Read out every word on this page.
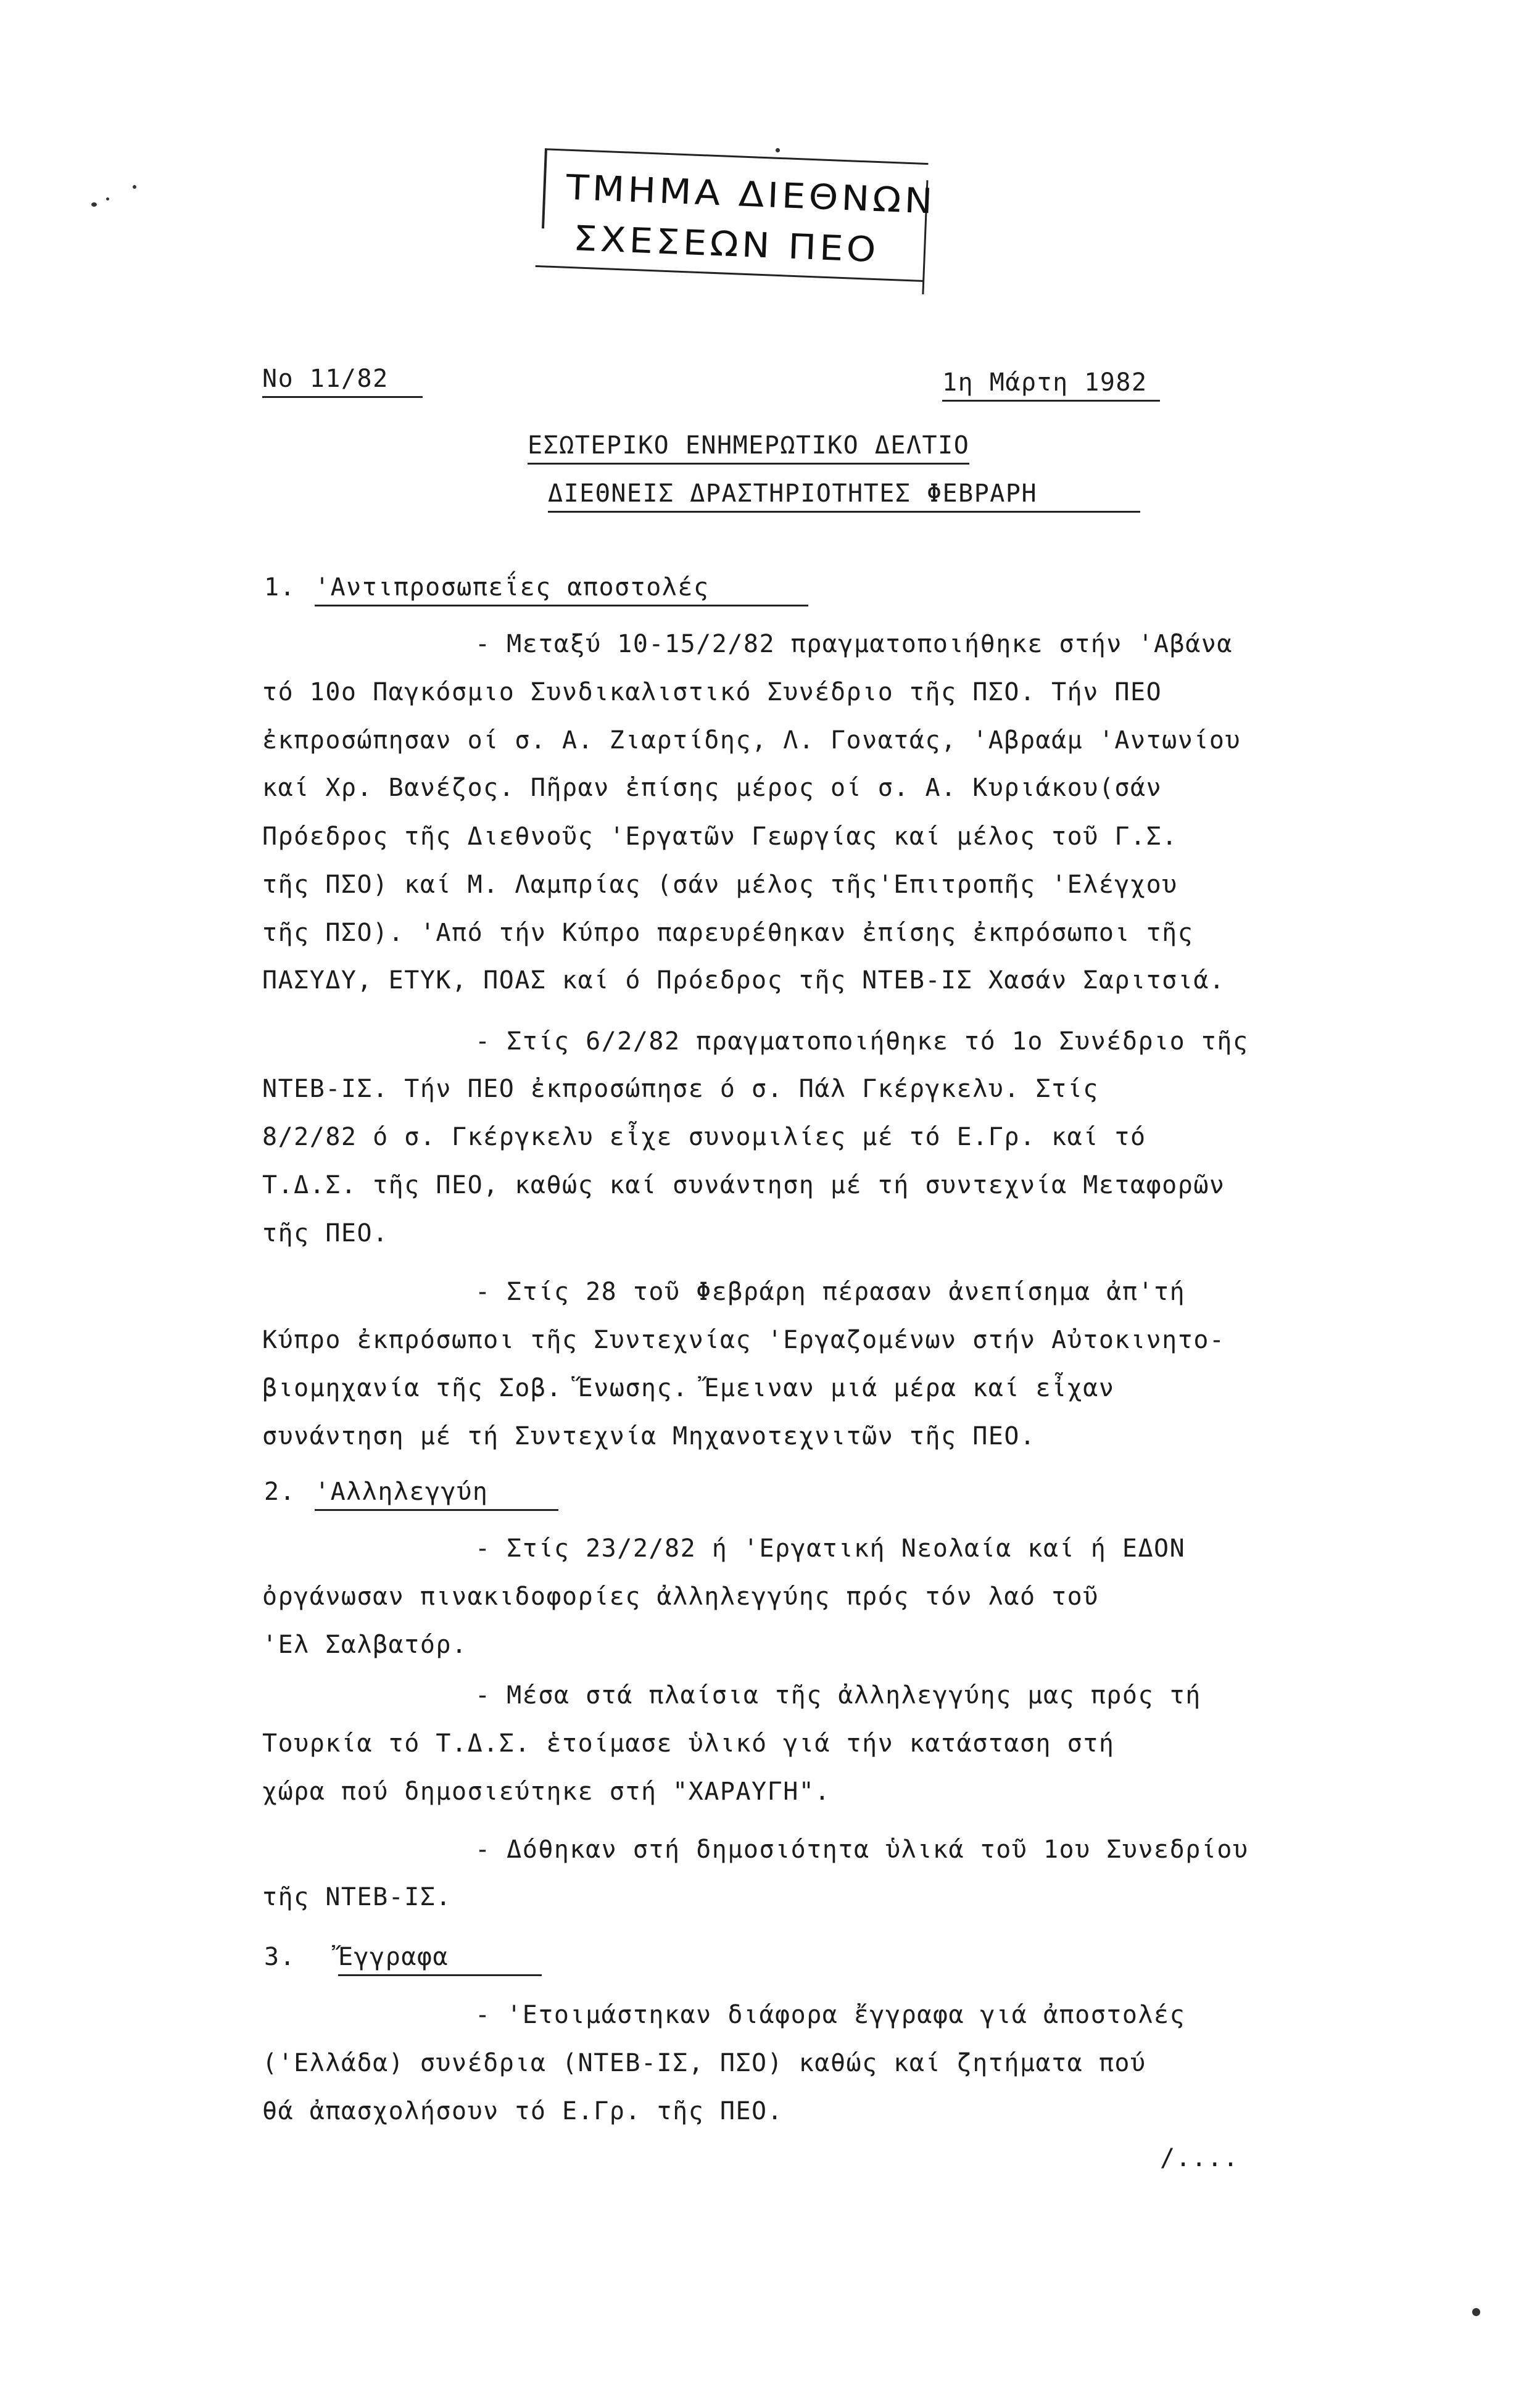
ΤΜΗΜΑ ΔΙΕΘΝΩΝ
ΣΧΕΣΕΩΝ ΠΕΟ
No 11/82	1η Μάρτη 1982
ΕΣΩΤΕΡΙΚΟ ΕΝΗΜΕΡΩΤΙΚΟ ΔΕΛΤΙΟ
ΔΙΕΘΝΕΙΣ ΔΡΑΣΤΗΡΙΟΤΗΤΕΣ ΦΕΒΡΑΡΗ
1. 'Αντιπροσωπεΐες αποστολές
- Μεταξύ 10-15/2/82 πραγματοποιήθηκε στήν 'Αβάνα
τό 10ο Παγκόσμιο Συνδικαλιστικό Συνέδριο τῆς ΠΣΟ. Τήν ΠΕΟ
ἐκπροσώπησαν οί σ. Α. Ζιαρτίδης, Λ. Γονατάς, 'Αβραάμ 'Αντωνίου
καί Χρ. Βανέζος. Πῆραν ἐπίσης μέρος οί σ. Α. Κυριάκου(σάν
Πρόεδρος τῆς Διεθνοῦς 'Εργατῶν Γεωργίας καί μέλος τοῦ Γ.Σ.
τῆς ΠΣΟ) καί Μ. Λαμπρίας (σάν μέλος τῆς'Επιτροπῆς 'Ελέγχου
τῆς ΠΣΟ). 'Από τήν Κύπρο παρευρέθηκαν ἐπίσης ἐκπρόσωποι τῆς
ΠΑΣΥΔΥ, ΕΤΥΚ, ΠΟΑΣ καί ό Πρόεδρος τῆς ΝΤΕΒ-ΙΣ Χασάν Σαριτσιά.
- Στίς 6/2/82 πραγματοποιήθηκε τό 1ο Συνέδριο τῆς
ΝΤΕΒ-ΙΣ. Τήν ΠΕΟ ἐκπροσώπησε ό σ. Πάλ Γκέργκελυ. Στίς
8/2/82 ό σ. Γκέργκελυ εἶχε συνομιλίες μέ τό Ε.Γρ. καί τό
Τ.Δ.Σ. τῆς ΠΕΟ, καθώς καί συνάντηση μέ τή συντεχνία Μεταφορῶν
τῆς ΠΕΟ.
- Στίς 28 τοῦ Φεβράρη πέρασαν ἀνεπίσημα ἀπ'τή
Κύπρο ἐκπρόσωποι τῆς Συντεχνίας 'Εργαζομένων στήν Αὐτοκινητο-
βιομηχανία τῆς Σοβ. Ἕνωσης. Ἔμειναν μιά μέρα καί εἶχαν
συνάντηση μέ τή Συντεχνία Μηχανοτεχνιτῶν τῆς ΠΕΟ.
2. 'Αλληλεγγύη
- Στίς 23/2/82 ή 'Εργατική Νεολαία καί ή ΕΔΟΝ
ὀργάνωσαν πινακιδοφορίες ἀλληλεγγύης πρός τόν λαό τοῦ
'Ελ Σαλβατόρ.
- Μέσα στά πλαίσια τῆς ἀλληλεγγύης μας πρός τή
Τουρκία τό Τ.Δ.Σ. ἑτοίμασε ὑλικό γιά τήν κατάσταση στή
χώρα πού δημοσιεύτηκε στή "ΧΑΡΑΥΓΗ".
- Δόθηκαν στή δημοσιότητα ὑλικά τοῦ 1ου Συνεδρίου
τῆς ΝΤΕΒ-ΙΣ.
3. Ἔγγραφα
- 'Ετοιμάστηκαν διάφορα ἔγγραφα γιά ἀποστολές
('Ελλάδα) συνέδρια (ΝΤΕΒ-ΙΣ, ΠΣΟ) καθώς καί ζητήματα πού
θά ἀπασχολήσουν τό Ε.Γρ. τῆς ΠΕΟ.
/....
